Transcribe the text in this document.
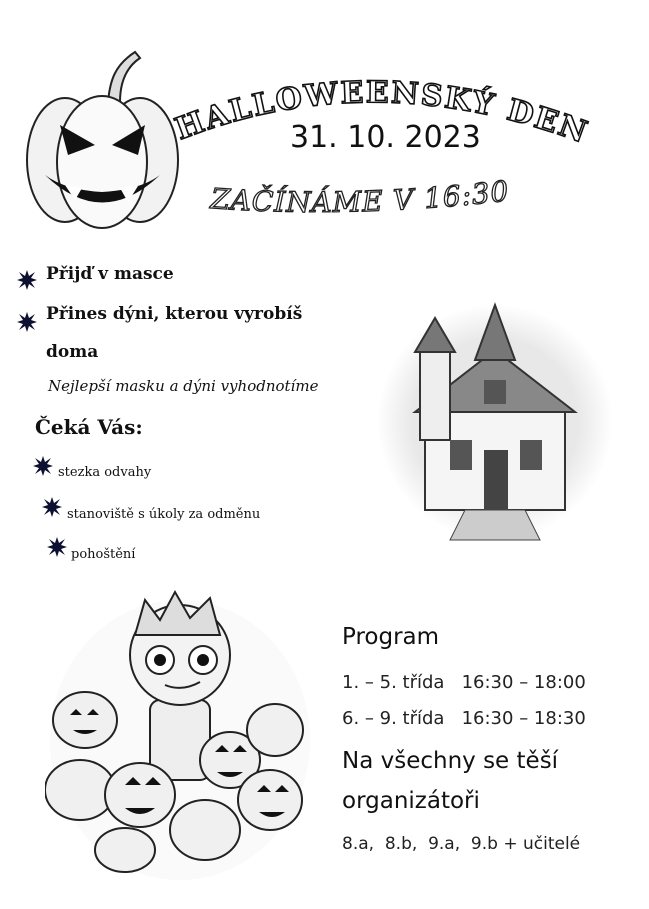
HALLOWEENSKÝ DEN
31. 10. 2023
ZAČÍNÁME V 16:30
Přijď v masce
Přines dýni, kterou vyrobíš
doma
Nejlepší masku a dýni vyhodnotíme
Čeká Vás:
stezka odvahy
stanoviště s úkoly za odměnu
pohoštění
Program
1. – 5. třída   16:30 – 18:00
6. – 9. třída   16:30 – 18:30
Na všechny se těší
organizátoři
8.a,  8.b,  9.a,  9.b + učitelé
